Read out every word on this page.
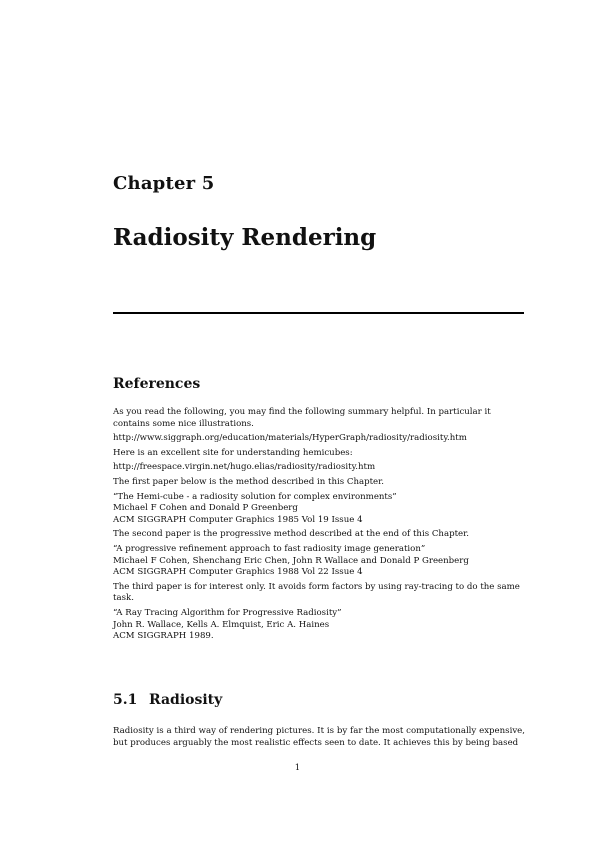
Chapter 5
Radiosity Rendering
References

As you read the following, you may find the following summary helpful. In particular it contains some nice illustrations.

http://www.siggraph.org/education/materials/HyperGraph/radiosity/radiosity.htm

Here is an excellent site for understanding hemicubes:

http://freespace.virgin.net/hugo.elias/radiosity/radiosity.htm

The first paper below is the method described in this Chapter.

“The Hemi-cube - a radiosity solution for complex environments”
Michael F Cohen and Donald P Greenberg
ACM SIGGRAPH Computer Graphics 1985 Vol 19 Issue 4

The second paper is the progressive method described at the end of this Chapter.

“A progressive refinement approach to fast radiosity image generation”
Michael F Cohen, Shenchang Eric Chen, John R Wallace and Donald P Greenberg
ACM SIGGRAPH Computer Graphics 1988 Vol 22 Issue 4

The third paper is for interest only. It avoids form factors by using ray-tracing to do the same task.

“A Ray Tracing Algorithm for Progressive Radiosity”
John R. Wallace, Kells A. Elmquist, Eric A. Haines
ACM SIGGRAPH 1989.
5.1 Radiosity
Radiosity is a third way of rendering pictures. It is by far the most computationally expensive, but produces arguably the most realistic effects seen to date. It achieves this by being based
1
